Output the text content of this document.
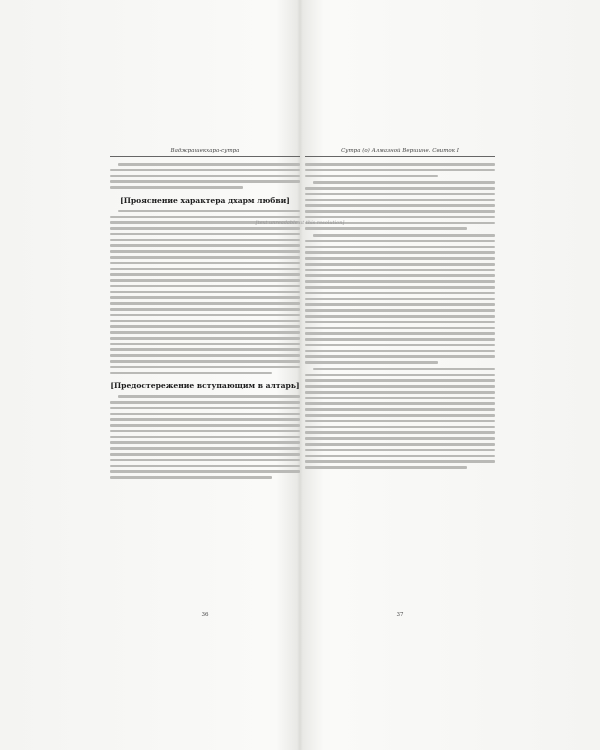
Ваджрашекхара-сутра
[Прояснение характера дхарм любви]
[Предостережение вступающим в алтарь]
36
Сутра (о) Алмазной Вершине. Свиток I
37
[text unreadable at this resolution]
